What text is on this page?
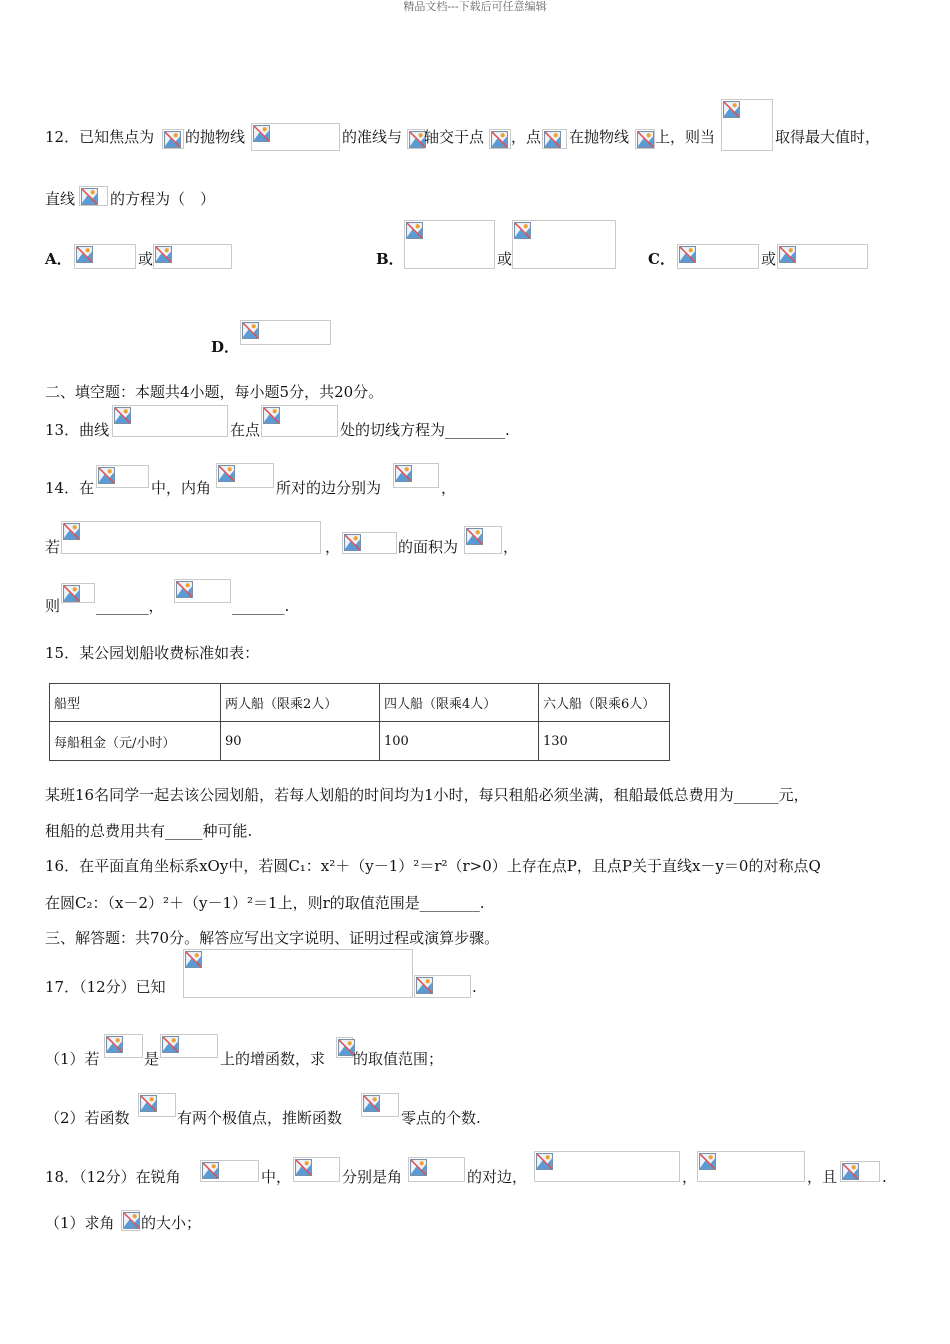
精品文档---下载后可任意编辑
12．已知焦点为 的抛物线	的准线与 轴交于点 ，点 在抛物线 上，则当	取得最大值时，
直线 的方程为（　）
A．	或	B．	或	C．	或
D．
二、填空题：本题共4小题，每小题5分，共20分。
13．曲线	在点	处的切线方程为________.
14．在	中，内角	所对的边分别为	，
若	，	的面积为	，
则 _______，	_______.
15．某公园划船收费标准如表：
船型	两人船（限乘2人）	四人船（限乘4人）	六人船（限乘6人）
每船租金（元/小时）	90	100	130
某班16名同学一起去该公园划船，若每人划船的时间均为1小时，每只租船必须坐满，租船最低总费用为______元，
租船的总费用共有_____种可能.
16．在平面直角坐标系xOy中，若圆C₁：x²＋（y－1）²＝r²（r>0）上存在点P，且点P关于直线x－y＝0的对称点Q
在圆C₂：（x－2）²＋（y－1）²＝1上，则r的取值范围是________.
三、解答题：共70分。解答应写出文字说明、证明过程或演算步骤。
17．（12分）已知	.
（1）若	是	上的增函数，求 的取值范围；
（2）若函数	有两个极值点，推断函数	零点的个数.
18．（12分）在锐角	中，	分别是角	的对边，	，	，且	.
（1）求角 的大小；
